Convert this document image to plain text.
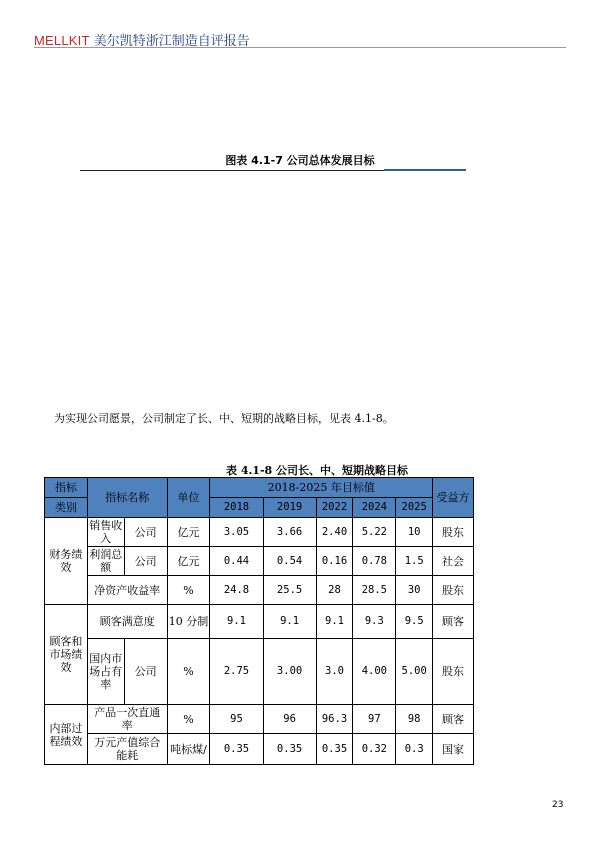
MELLKIT 美尔凯特浙江制造自评报告
图表 4.1-7 公司总体发展目标
为实现公司愿景，公司制定了长、中、短期的战略目标，见表 4.1-8。
表 4.1-8 公司长、中、短期战略目标
指标	指标名称		单位	2018-2025 年目标值					受益方
类别				2018	2019	2022	2024	2025	
财务绩效	销售收入	公司	亿元	3.05	3.66	2.40	5.22	10	股东
	利润总额	公司	亿元	0.44	0.54	0.16	0.78	1.5	社会
	净资产收益率		%	24.8	25.5	28	28.5	30	股东
顾客和市场绩效	顾客满意度		10 分制	9.1	9.1	9.1	9.3	9.5	顾客
	国内市场占有率	公司	%	2.75	3.00	3.0	4.00	5.00	股东
内部过程绩效	产品一次直通率		%	95	96	96.3	97	98	顾客
	万元产值综合能耗		吨标煤/	0.35	0.35	0.35	0.32	0.3	国家
23
